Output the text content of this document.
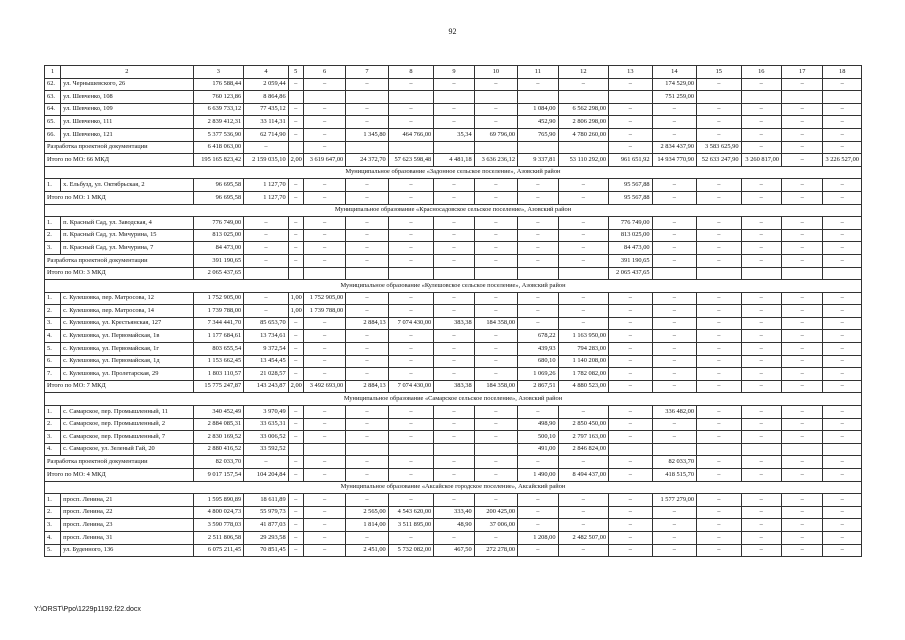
92
1	2	3	4	5	6	7	8	9	10	11	12	13	14	15	16	17	18
62.	ул. Чернышевского, 26	176 588,44	2 059,44	–	–	–	–	–	–	–	–	–	174 529,00	–	–	–	–
63.	ул. Шевченко, 108	760 123,86	8 864,86										751 259,00				
64.	ул. Шевченко, 109	6 639 733,12	77 435,12	–	–	–	–	–	–	1 084,00	6 562 298,00	–	–	–	–	–	–
65.	ул. Шевченко, 111	2 839 412,31	33 114,31	–	–	–	–	–	–	452,90	2 806 298,00	–	–	–	–	–	–
66.	ул. Шевченко, 121	5 377 536,90	62 714,90	–	–	1 345,80	464 766,00	35,34	69 796,00	765,90	4 780 260,00	–	–	–	–	–	–
Разработка проектной документации		6 418 063,00	–		–							–	2 834 437,90	3 583 625,90	–	–	–
Итого по МО: 66 МКД		195 165 823,42	2 159 035,10	2,00	3 619 647,00	24 372,70	57 623 598,48	4 481,18	3 636 236,12	9 337,81	53 110 292,00	961 651,92	14 934 770,90	52 633 247,90	3 260 817,00	–	3 226 527,00
Муниципальное образование «Задонное сельское поселение», Азовский район																	
1.	х. Ельбузд, ул. Октябрьская, 2	96 695,58	1 127,70	–	–	–	–	–	–	–	–	95 567,88	–	–	–	–	–
Итого по МО: 1 МКД		96 695,58	1 127,70	–	–	–	–	–	–	–	–	95 567,88	–	–	–	–	–
Муниципальное образование «Красносадовское сельское поселение», Азовский район																	
1.	п. Красный Сад, ул. Заводская, 4	776 749,00	–	–	–	–	–	–	–	–	–	776 749,00	–	–	–	–	–
2.	п. Красный Сад, ул. Мичурина, 15	813 025,00	–	–	–	–	–	–	–	–	–	813 025,00	–	–	–	–	–
3.	п. Красный Сад, ул. Мичурина, 7	84 473,00	–	–	–	–	–	–	–	–	–	84 473,00	–	–	–	–	–
Разработка проектной документации		391 190,65	–	–	–	–	–	–	–	–	–	391 190,65	–	–	–	–	–
Итого по МО: 3 МКД		2 065 437,65										2 065 437,65					
Муниципальное образование «Кулешовское сельское поселение», Азовский район																	
1.	с. Кулешовка, пер. Матросова, 12	1 752 905,00	–	1,00	1 752 905,00	–	–	–	–	–	–	–	–	–	–	–	–
2.	с. Кулешовка, пер. Матросова, 14	1 739 788,00	–	1,00	1 739 788,00	–	–	–	–	–	–	–	–	–	–	–	–
3.	с. Кулешовка, ул. Крестьянская, 127	7 344 441,70	85 653,70	–	–	2 884,13	7 074 430,00	383,38	184 358,00	–	–	–	–	–	–	–	–
4.	с. Кулешовка, ул. Первомайская, 1в	1 177 684,61	13 734,61	–	–	–	–	–	–	678,22	1 163 950,00	–	–	–	–	–	–
5.	с. Кулешовка, ул. Первомайская, 1г	803 655,54	9 372,54	–	–	–	–	–	–	439,93	794 283,00	–	–	–	–	–	–
6.	с. Кулешовка, ул. Первомайская, 1д	1 153 662,45	13 454,45	–	–	–	–	–	–	680,10	1 140 208,00	–	–	–	–	–	–
7.	с. Кулешовка, ул. Пролетарская, 29	1 803 110,57	21 028,57	–	–	–	–	–	–	1 069,26	1 782 082,00	–	–	–	–	–	–
Итого по МО: 7 МКД		15 775 247,87	143 243,87	2,00	3 492 693,00	2 884,13	7 074 430,00	383,38	184 358,00	2 867,51	4 880 523,00	–	–	–	–	–	–
Муниципальное образование «Самарское сельское поселение», Азовский район																	
1.	с. Самарское, пер. Промышленный, 11	340 452,49	3 970,49	–	–	–	–	–	–	–	–	–	336 482,00	–	–	–	–
2.	с. Самарское, пер. Промышленный, 2	2 884 085,31	33 635,31	–	–	–	–	–	–	498,90	2 850 450,00	–	–	–	–	–	–
3.	с. Самарское, пер. Промышленный, 7	2 830 169,52	33 006,52	–	–	–	–	–	–	500,10	2 797 163,00	–	–	–	–	–	–
4.	с. Самарское, ул. Зеленый Гай, 20	2 880 416,52	33 592,52							491,00	2 846 824,00						
Разработка проектной документации		82 033,70	–	–	–	–	–	–	–	–	–	–	82 033,70	–	–	–	–
Итого по МО: 4 МКД		9 017 157,54	104 204,84	–	–	–	–	–	–	1 490,00	8 494 437,00	–	418 515,70	–	–	–	–
Муниципальное образование «Аксайское городское поселение», Аксайский район																	
1.	просп. Ленина, 21	1 595 890,89	18 611,89	–	–	–	–	–	–	–	–	–	1 577 279,00	–	–	–	–
2.	просп. Ленина, 22	4 800 024,73	55 979,73	–	–	2 565,00	4 543 620,00	333,40	200 425,00	–	–	–	–	–	–	–	–
3.	просп. Ленина, 23	3 590 778,03	41 877,03	–	–	1 814,00	3 511 895,00	48,90	37 006,00	–	–	–	–	–	–	–	–
4.	просп. Ленина, 31	2 511 806,58	29 293,58	–	–	–	–	–	–	1 208,00	2 482 507,00	–	–	–	–	–	–
5.	ул. Буденного, 136	6 075 211,45	70 851,45	–	–	2 451,00	5 732 082,00	467,50	272 278,00	–	–	–	–	–	–	–	–
Y:\ORST\Ppo\1229p1192.f22.docx
